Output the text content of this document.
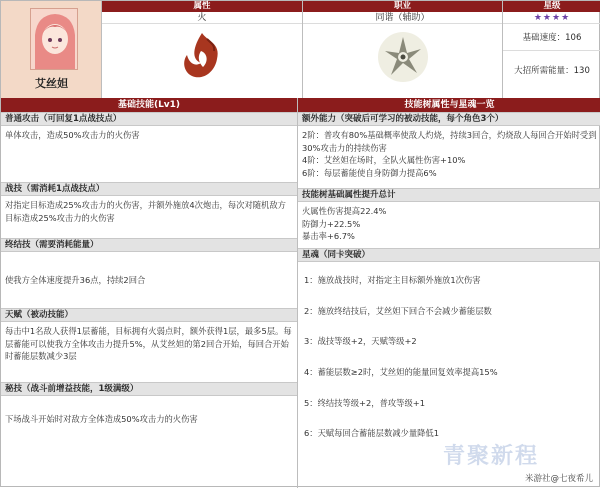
艾丝妲
属性
火
职业
同谐（辅助）
星级
★★★★
基础速度：106
大招所需能量：130
基础技能(Lv1)
普通攻击（可回复1点战技点）
单体攻击，造成50%攻击力的火伤害
战技（需消耗1点战技点）
对指定目标造成25%攻击力的火伤害，并额外施放4次炮击，每次对随机敌方目标造成25%攻击力的火伤害
终结技（需要消耗能量）
使我方全体速度提升36点，持续2回合
天赋（被动技能）
每击中1名敌人获得1层蓄能，目标拥有火弱点时，额外获得1层，最多5层。每层蓄能可以使我方全体攻击力提升5%，从艾丝妲的第2回合开始，每回合开始时蓄能层数减少3层
秘技（战斗前增益技能，1级满级）
下场战斗开始时对敌方全体造成50%攻击力的火伤害
技能树属性与星魂一览
额外能力（突破后可学习的被动技能，每个角色3个）
2阶：普攻有80%基础概率使敌人灼烧，持续3回合，灼烧敌人每回合开始时受到30%攻击力的持续伤害
4阶：艾丝妲在场时，全队火属性伤害+10%
6阶：每层蓄能使自身防御力提高6%
技能树基础属性提升总计
火属性伤害提高22.4%
防御力+22.5%
暴击率+6.7%
星魂（同卡突破）
1：施放战技时，对指定主目标额外施放1次伤害
2：施放终结技后，艾丝妲下回合不会减少蓄能层数
3：战技等级+2，天赋等级+2
4：蓄能层数≥2时，艾丝妲的能量回复效率提高15%
5：终结技等级+2，普攻等级+1
6：天赋每回合蓄能层数减少量降低1
青聚新程
米游社@七夜希儿
